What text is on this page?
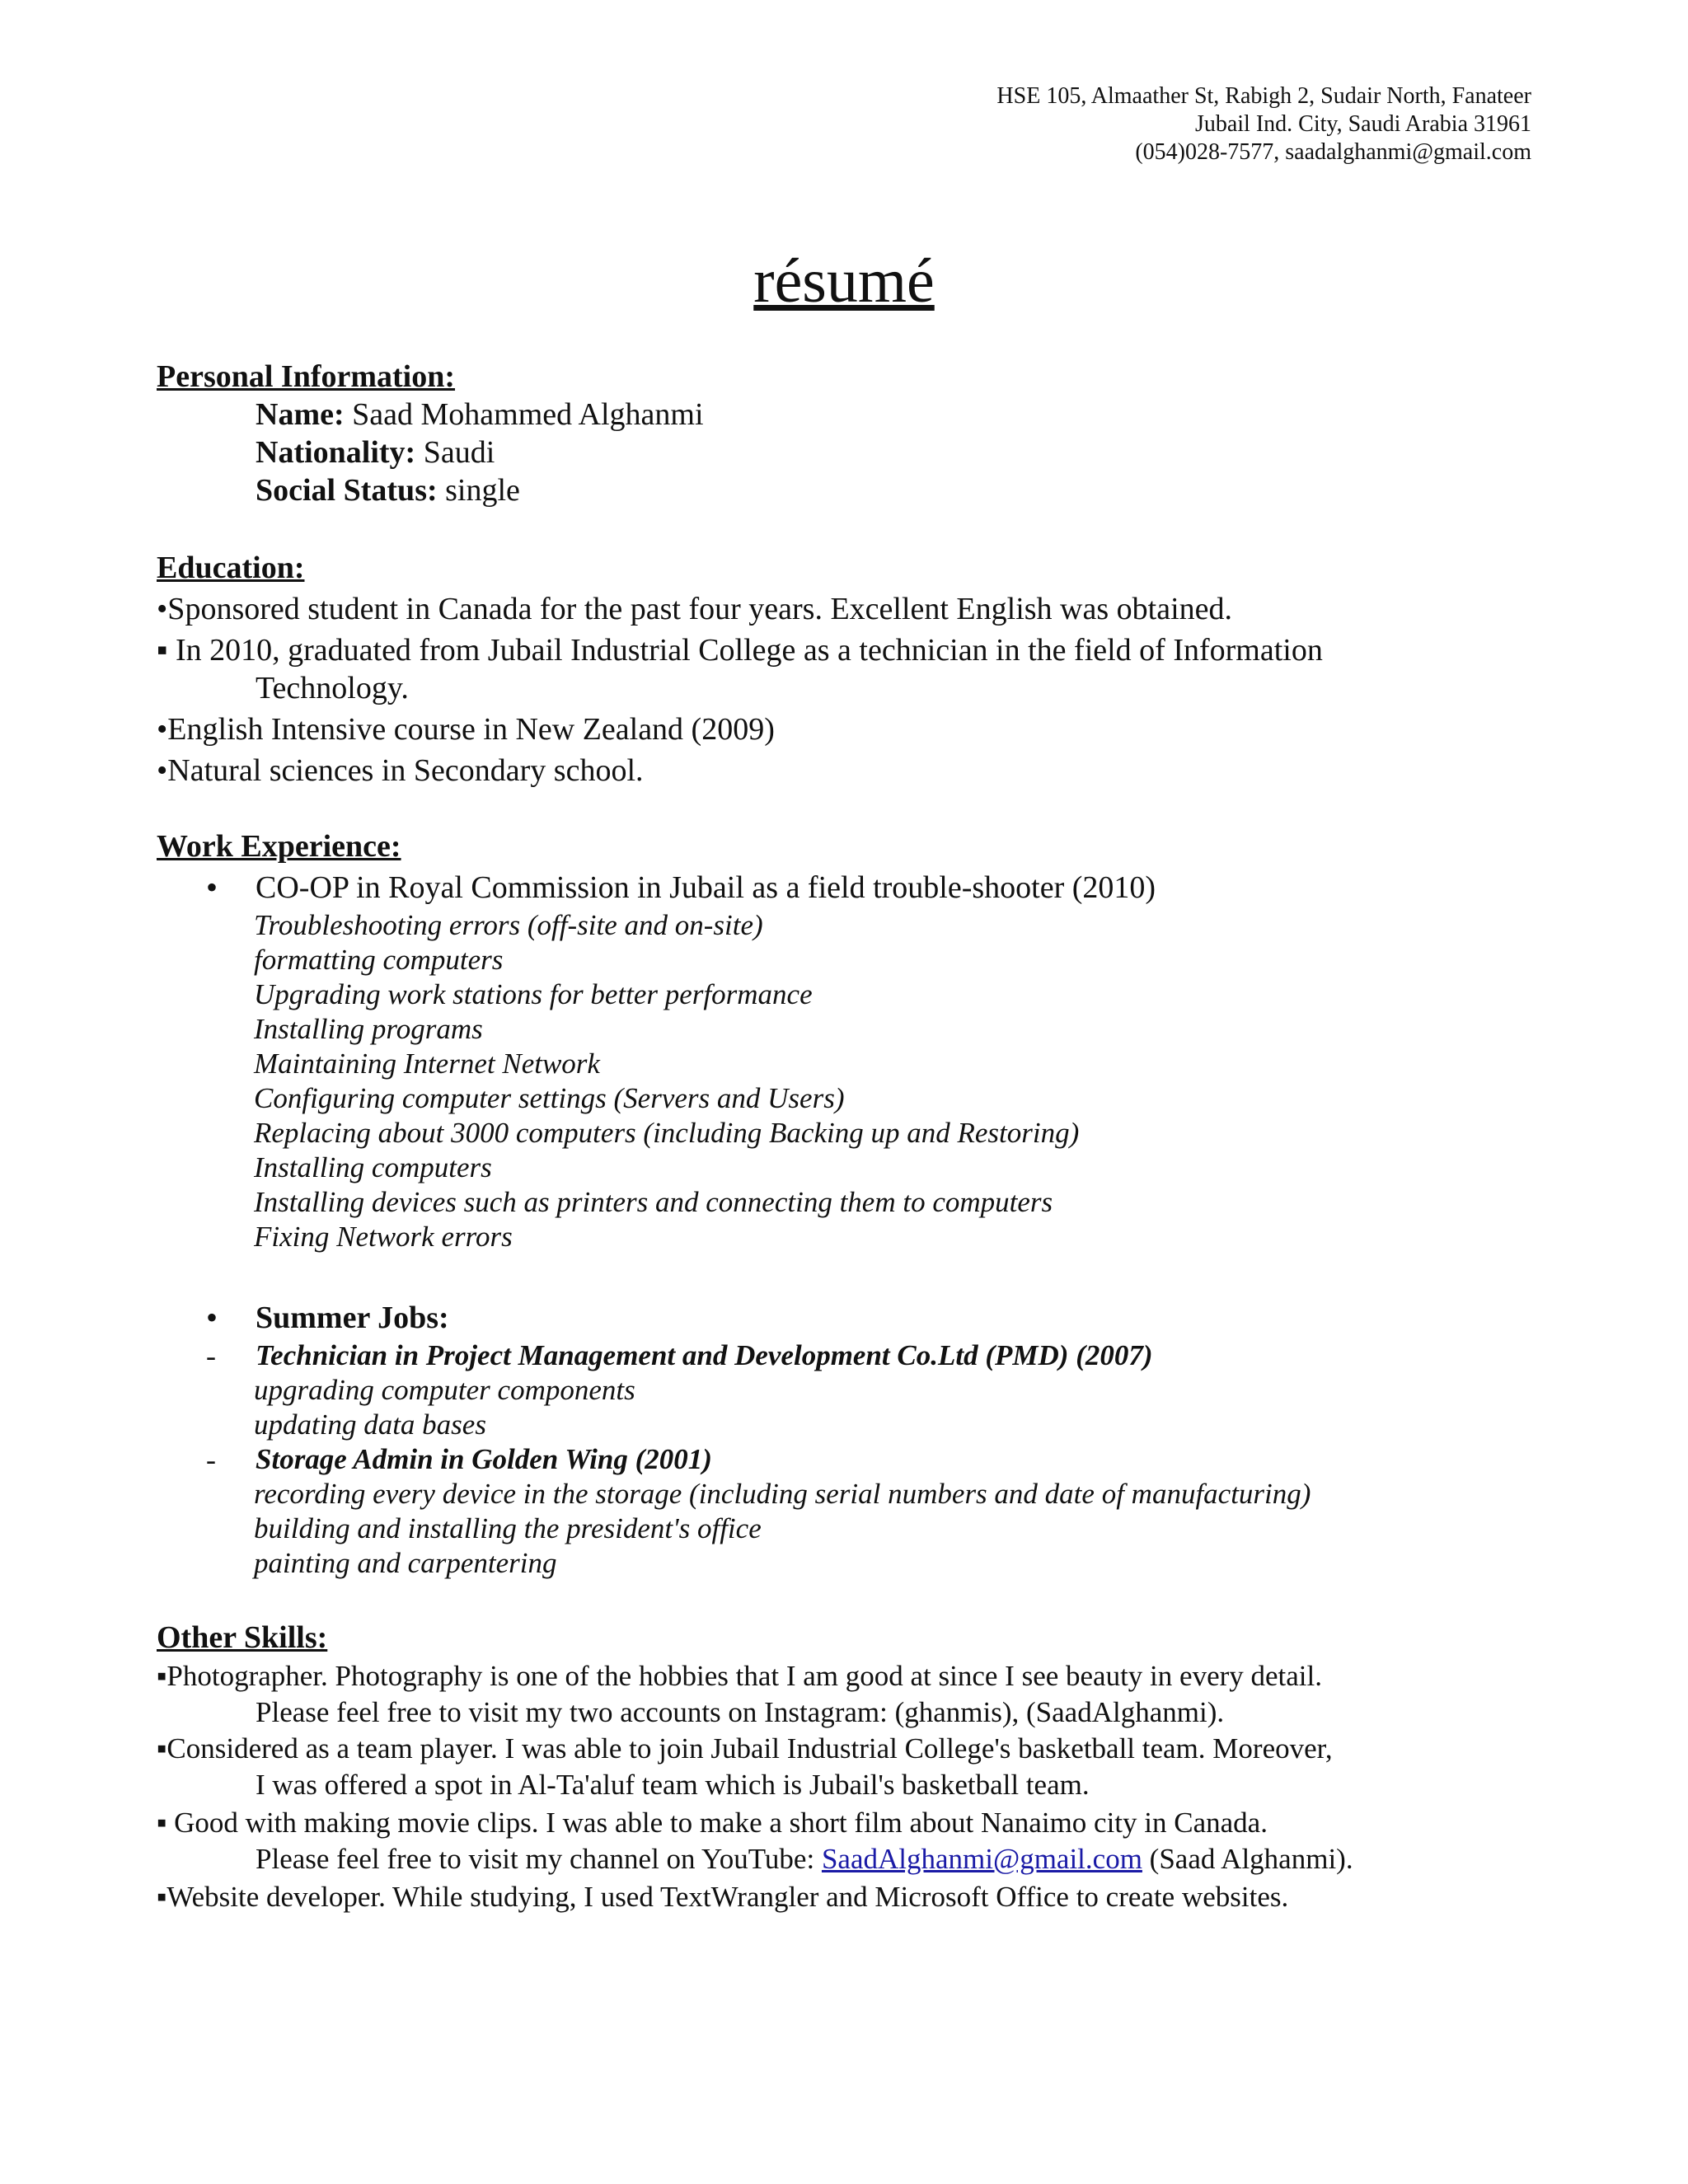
HSE 105, Almaather St, Rabigh 2, Sudair North, Fanateer
Jubail Ind. City, Saudi Arabia 31961
(054)028-7577, saadalghanmi@gmail.com
résumé
Personal Information:
Name: Saad Mohammed Alghanmi
Nationality: Saudi
Social Status: single
Education:
•Sponsored student in Canada for the past four years. Excellent English was obtained.
▪ In 2010, graduated from Jubail Industrial College as a technician in the field of Information
Technology.
•English Intensive course in New Zealand (2009)
•Natural sciences in Secondary school.
Work Experience:
• CO-OP in Royal Commission in Jubail as a field trouble-shooter (2010)
Troubleshooting errors (off-site and on-site)
formatting computers
Upgrading work stations for better performance
Installing programs
Maintaining Internet Network
Configuring computer settings (Servers and Users)
Replacing about 3000 computers (including Backing up and Restoring)
Installing computers
Installing devices such as printers and connecting them to computers
Fixing Network errors
• Summer Jobs:
- Technician in Project Management and Development Co.Ltd (PMD) (2007)
upgrading computer components
updating data bases
- Storage Admin in Golden Wing (2001)
recording every device in the storage (including serial numbers and date of manufacturing)
building and installing the president's office
painting and carpentering
Other Skills:
▪Photographer. Photography is one of the hobbies that I am good at since I see beauty in every detail.
Please feel free to visit my two accounts on Instagram: (ghanmis), (SaadAlghanmi).
▪Considered as a team player. I was able to join Jubail Industrial College's basketball team. Moreover,
I was offered a spot in Al-Ta'aluf team which is Jubail's basketball team.
▪ Good with making movie clips. I was able to make a short film about Nanaimo city in Canada.
Please feel free to visit my channel on YouTube: SaadAlghanmi@gmail.com (Saad Alghanmi).
▪Website developer. While studying, I used TextWrangler and Microsoft Office to create websites.
